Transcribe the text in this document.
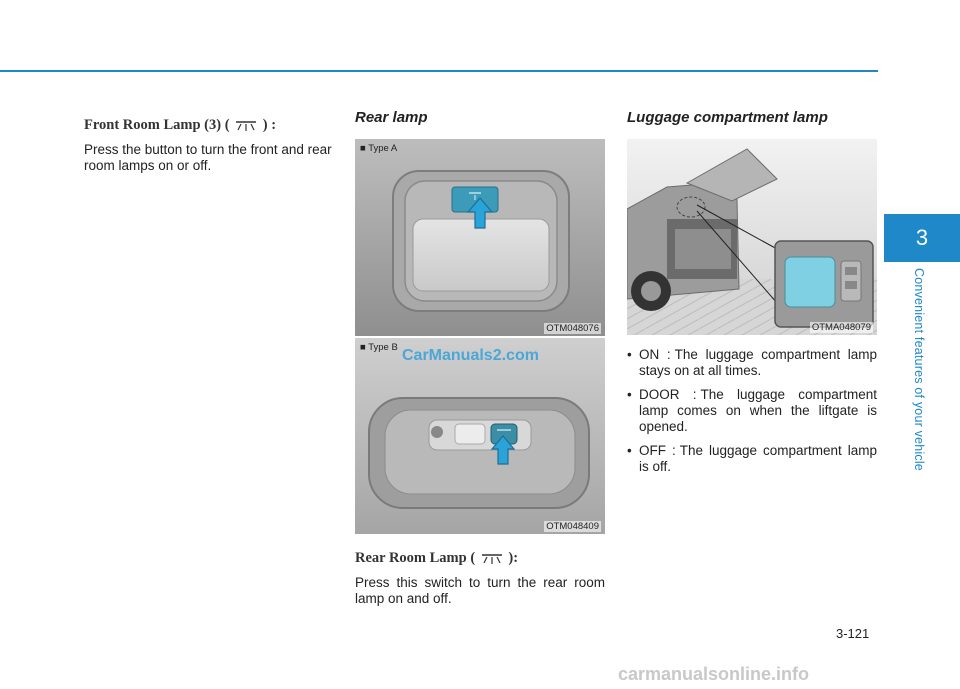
3
Convenient features of your vehicle
3-121
Front Room Lamp (3) ( ) :
Press the button to turn the front and rear room lamps on or off.
Rear lamp
■ Type A
OTM048076
■ Type B
OTM048409
Rear Room Lamp ( ):
Press this switch to turn the rear room lamp on and off.
Luggage compartment lamp
OTMA048079
• ON : The luggage compartment lamp stays on at all times.
• DOOR : The luggage compartment lamp comes on when the liftgate is opened.
• OFF : The luggage compartment lamp is off.
CarManuals2.com
carmanualsonline.info
